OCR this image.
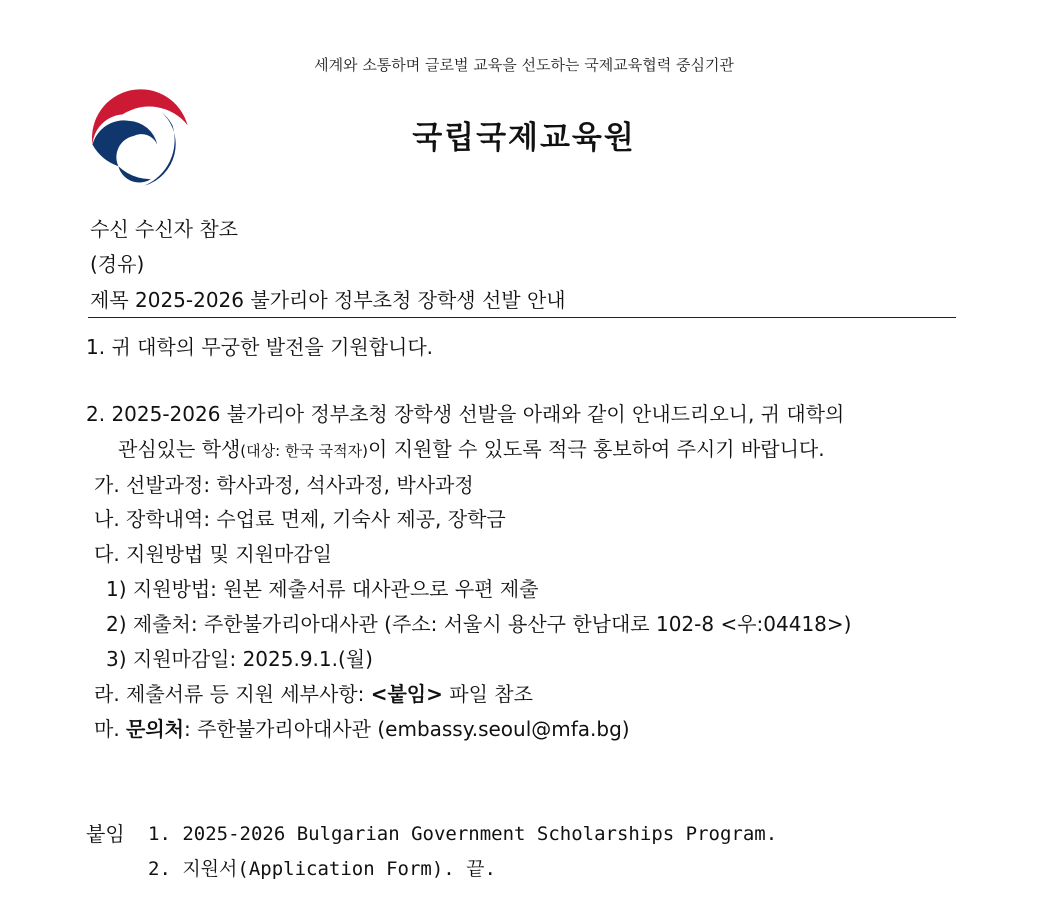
세계와 소통하며 글로벌 교육을 선도하는 국제교육협력 중심기관
국립국제교육원
수신 수신자 참조
(경유)
제목 2025-2026 불가리아 정부초청 장학생 선발 안내
1. 귀 대학의 무궁한 발전을 기원합니다.
2. 2025-2026 불가리아 정부초청 장학생 선발을 아래와 같이 안내드리오니, 귀 대학의
관심있는 학생(대상: 한국 국적자)이 지원할 수 있도록 적극 홍보하여 주시기 바랍니다.
가. 선발과정: 학사과정, 석사과정, 박사과정
나. 장학내역: 수업료 면제, 기숙사 제공, 장학금
다. 지원방법 및 지원마감일
1) 지원방법: 원본 제출서류 대사관으로 우편 제출
2) 제출처: 주한불가리아대사관 (주소: 서울시 용산구 한남대로 102-8 <우:04418>)
3) 지원마감일: 2025.9.1.(월)
라. 제출서류 등 지원 세부사항: <붙임> 파일 참조
마. 문의처: 주한불가리아대사관 (embassy.seoul@mfa.bg)
붙임 1. 2025-2026 Bulgarian Government Scholarships Program.
2. 지원서(Application Form). 끝.
